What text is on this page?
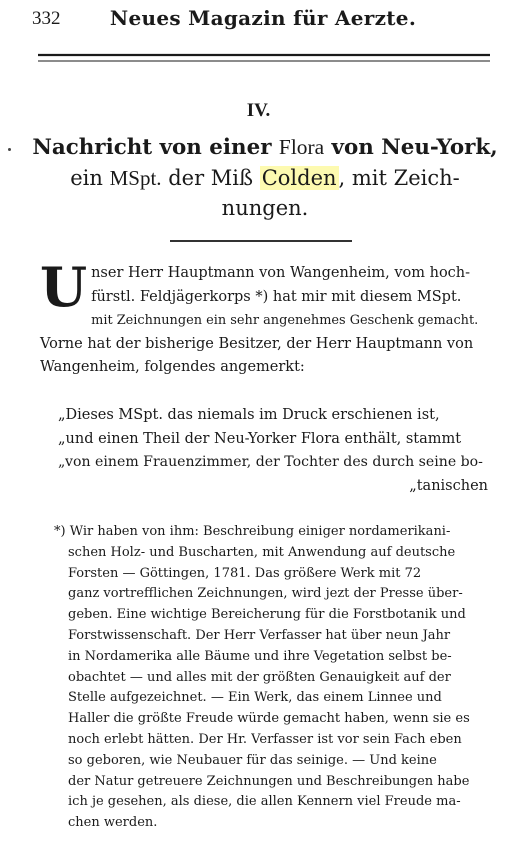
332	Neues Magazin für Aerzte.
IV.
Nachricht von einer Flora von Neu-York,
ein MSpt. der Miß Colden, mit Zeich-
nungen.
U nser Herr Hauptmann von Wangenheim, vom hoch-
fürstl. Feldjägerkorps *) hat mir mit diesem MSpt.
mit Zeichnungen ein sehr angenehmes Geschenk gemacht.
Vorne hat der bisherige Besitzer, der Herr Hauptmann von
Wangenheim, folgendes angemerkt:
„Dieses MSpt. das niemals im Druck erschienen ist,
„und einen Theil der Neu-Yorker Flora enthält, stammt
„von einem Frauenzimmer, der Tochter des durch seine bo-
„tanischen
*) Wir haben von ihm: Beschreibung einiger nordamerikani-
schen Holz- und Buscharten, mit Anwendung auf deutsche
Forsten — Göttingen, 1781. Das größere Werk mit 72
ganz vortrefflichen Zeichnungen, wird jezt der Presse über-
geben. Eine wichtige Bereicherung für die Forstbotanik und
Forstwissenschaft. Der Herr Verfasser hat über neun Jahr
in Nordamerika alle Bäume und ihre Vegetation selbst be-
obachtet — und alles mit der größten Genauigkeit auf der
Stelle aufgezeichnet. — Ein Werk, das einem Linnee und
Haller die größte Freude würde gemacht haben, wenn sie es
noch erlebt hätten. Der Hr. Verfasser ist vor sein Fach eben
so geboren, wie Neubauer für das seinige. — Und keine
der Natur getreuere Zeichnungen und Beschreibungen habe
ich je gesehen, als diese, die allen Kennern viel Freude ma-
chen werden.
